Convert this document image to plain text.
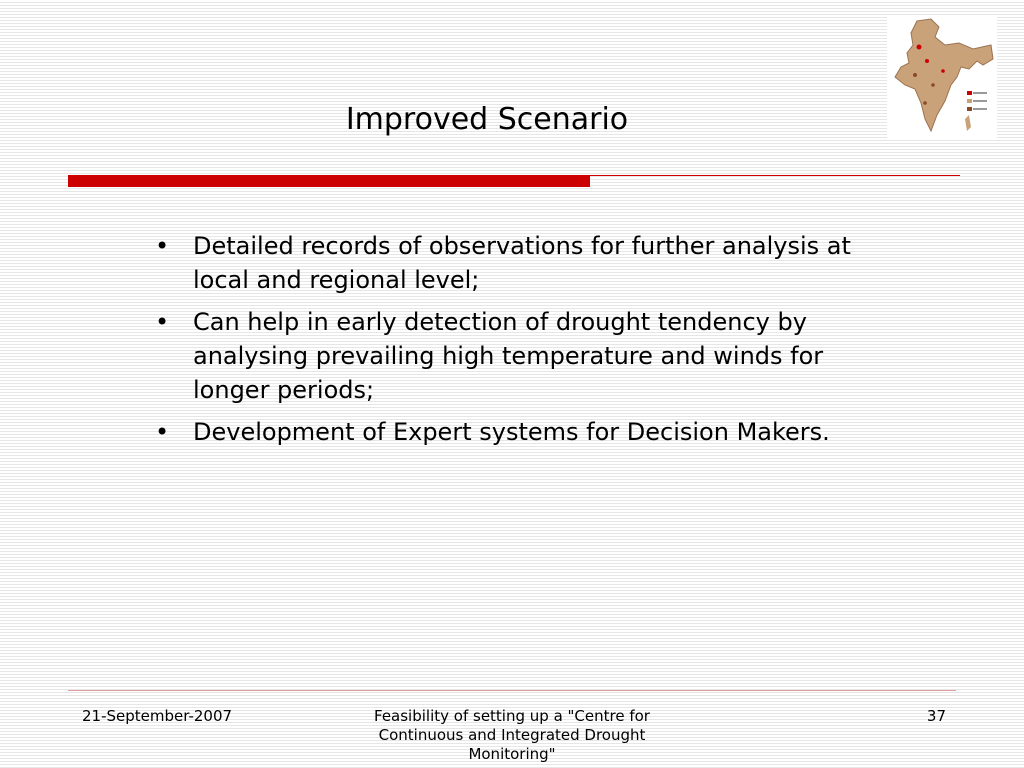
Improved Scenario
• Detailed records of observations for further analysis at local and regional level;
• Can help in early detection of drought tendency by analysing prevailing high temperature and winds for longer periods;
• Development of Expert systems for Decision Makers.
21-September-2007	Feasibility of setting up a "Centre for Continuous and Integrated Drought Monitoring"
37
